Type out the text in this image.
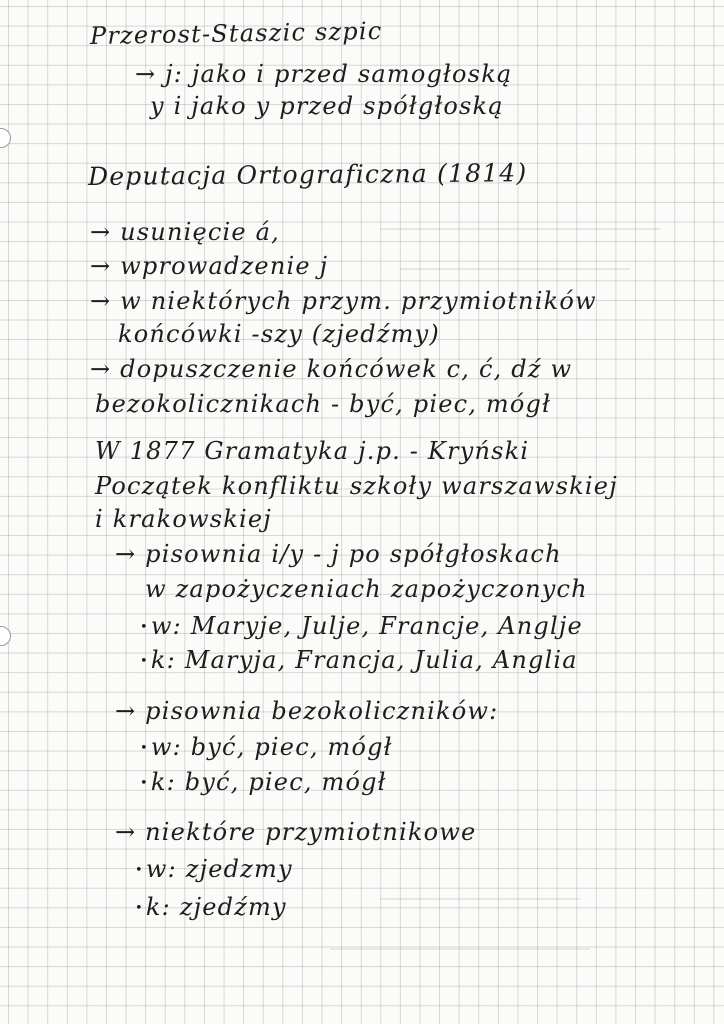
Przerost-Staszic szpic
→ j: jako i przed samogłoską
y i jako y przed spółgłoską
Deputacja Ortograficzna (1814)
→ usunięcie á,
→ wprowadzenie j
→ w niektórych przym. przymiotników
końcówki -szy (zjedźmy)
→ dopuszczenie końcówek c, ć, dź w
bezokolicznikach - być, piec, mógł
W 1877 Gramatyka j.p. - Kryński
Początek konfliktu szkoły warszawskiej
i krakowskiej
→ pisownia i/y - j po spółgłoskach
w zapożyczeniach zapożyczonych
•w: Maryje, Julje, Francje, Anglje
•k: Maryja, Francja, Julia, Anglia
→ pisownia bezokoliczników:
•w: być, piec, mógł
•k: być, piec, mógł
→ niektóre przymiotnikowe
•w: zjedzmy
•k: zjedźmy
